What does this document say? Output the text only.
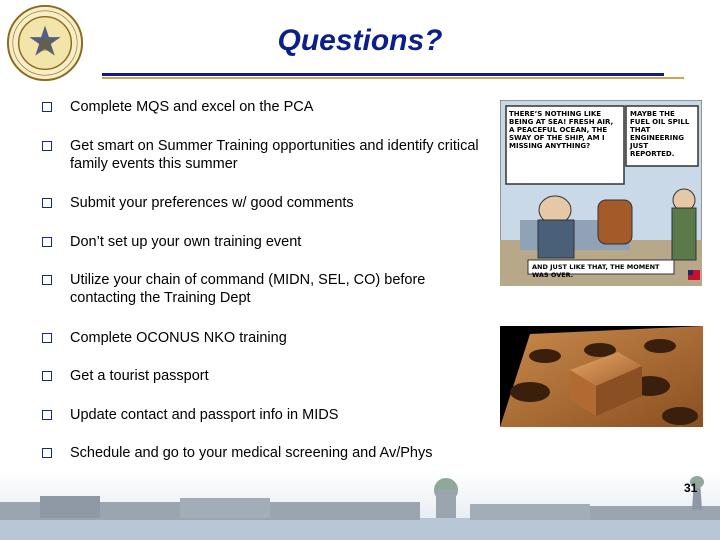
Questions?
Complete MQS and excel on the PCA
Get smart on Summer Training opportunities and identify critical family events this summer
Submit your preferences w/ good comments
Don’t set up your own training event
Utilize your chain of command (MIDN, SEL, CO) before contacting the Training Dept
Complete OCONUS NKO training
Get a tourist passport
Update contact and passport info in MIDS
Schedule and go to your medical screening and Av/Phys
THERE’S NOTHING LIKE BEING AT SEA! FRESH AIR, A PEACEFUL OCEAN, THE SWAY OF THE SHIP, AM I MISSING ANYTHING?
MAYBE THE FUEL OIL SPILL THAT ENGINEERING JUST REPORTED.
AND JUST LIKE THAT, THE MOMENT WAS OVER.
31
